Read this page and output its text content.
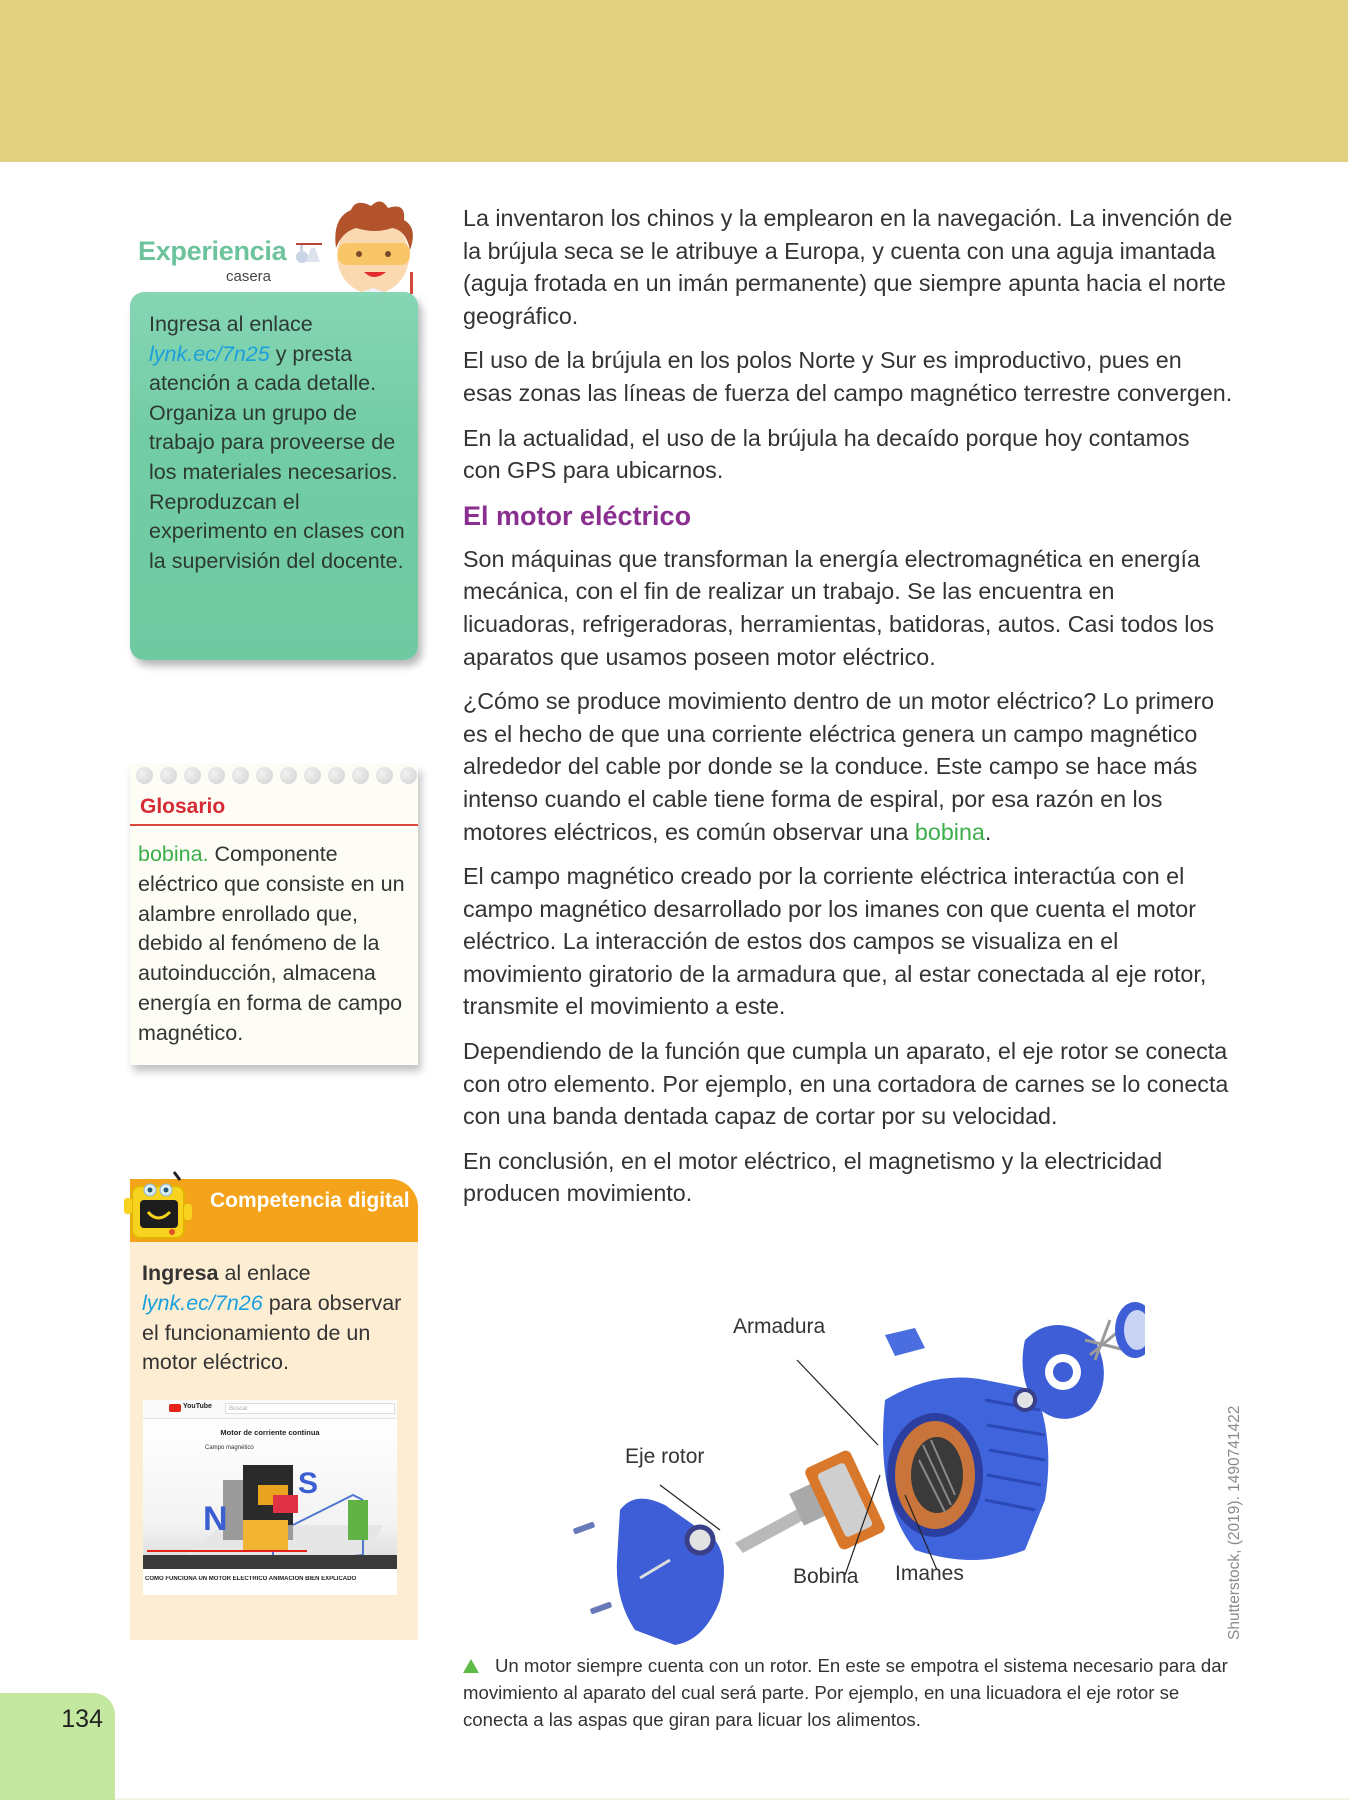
Experiencia
casera
Ingresa al enlace lynk.ec/7n25 y presta atención a cada detalle. Organiza un grupo de trabajo para proveerse de los materiales necesarios. Reproduzcan el experimento en clases con la supervisión del docente.
Glosario
bobina. Componente eléctrico que consiste en un alambre enrollado que, debido al fenómeno de la autoinducción, almacena energía en forma de campo magnético.
Competencia digital
Ingresa al enlace lynk.ec/7n26 para observar el funcionamiento de un motor eléctrico.
YouTube	Buscar
Motor de corriente continua
Campo magnético
N
S
COMO FUNCIONA UN MOTOR ELECTRICO ANIMACION BIEN EXPLICADO

La inventaron los chinos y la emplearon en la navegación. La invención de la brújula seca se le atribuye a Europa, y cuenta con una aguja imantada (aguja frotada en un imán permanente) que siempre apunta hacia el norte geográfico.

El uso de la brújula en los polos Norte y Sur es improductivo, pues en esas zonas las líneas de fuerza del campo magnético terrestre convergen.

En la actualidad, el uso de la brújula ha decaído porque hoy contamos con GPS para ubicarnos.

El motor eléctrico

Son máquinas que transforman la energía electromagnética en energía mecánica, con el fin de realizar un trabajo. Se las encuentra en licuadoras, refrigeradoras, herramientas, batidoras, autos. Casi todos los aparatos que usamos poseen motor eléctrico.

¿Cómo se produce movimiento dentro de un motor eléctrico? Lo primero es el hecho de que una corriente eléctrica genera un campo magnético alrededor del cable por donde se la conduce. Este campo se hace más intenso cuando el cable tiene forma de espiral, por esa razón en los motores eléctricos, es común observar una bobina.

El campo magnético creado por la corriente eléctrica interactúa con el campo magnético desarrollado por los imanes con que cuenta el motor eléctrico. La interacción de estos dos campos se visualiza en el movimiento giratorio de la armadura que, al estar conectada al eje rotor, transmite el movimiento a este.

Dependiendo de la función que cumpla un aparato, el eje rotor se conecta con otro elemento. Por ejemplo, en una cortadora de carnes se lo conecta con una banda dentada capaz de cortar por su velocidad.

En conclusión, en el motor eléctrico, el magnetismo y la electricidad producen movimiento.

Armadura
Eje rotor
Bobina Imanes	Shutterstock, (2019). 1490741422
Un motor siempre cuenta con un rotor. En este se empotra el sistema necesario para dar movimiento al aparato del cual será parte. Por ejemplo, en una licuadora el eje rotor se conecta a las aspas que giran para licuar los alimentos.
134
